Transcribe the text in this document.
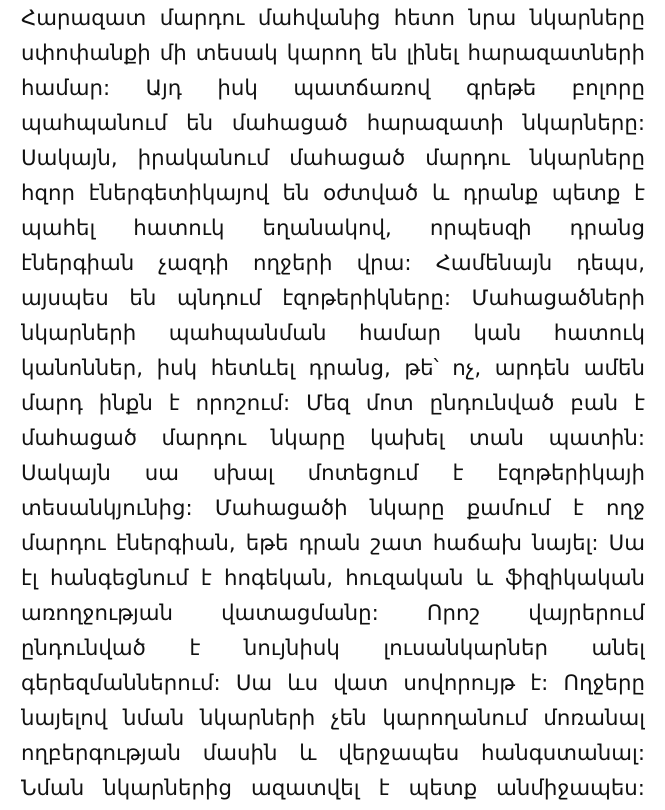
Հարազատ մարդու մահվանից հետո նրա նկարները
սփոփանքի մի տեսակ կարող են լինել հարազատների
համար: Այդ իսկ պատճառով գրեթե բոլորը
պահպանում են մահացած հարազատի նկարները:
Սակայն, իրականում մահացած մարդու նկարները
հզոր էներգետիկայով են օժտված և դրանք պետք է
պահել հատուկ եղանակով, որպեսզի դրանց
էներգիան չազդի ողջերի վրա: Համենայն դեպս,
այսպես են պնդում էզոթերիկները: Մահացածների
նկարների պահպանման համար կան հատուկ
կանոններ, իսկ հետևել դրանց, թե՝ ոչ, արդեն ամեն
մարդ ինքն է որոշում: Մեզ մոտ ընդունված բան է
մահացած մարդու նկարը կախել տան պատին:
Սակայն սա սխալ մոտեցում է էզոթերիկայի
տեսանկյունից: Մահացածի նկարը քամում է ողջ
մարդու էներգիան, եթե դրան շատ հաճախ նայել: Սա
էլ հանգեցնում է հոգեկան, հուզական և ֆիզիկական
առողջության վատացմանը: Որոշ վայրերում
ընդունված է նույնիսկ լուսանկարներ անել
գերեզմաններում: Սա ևս վատ սովորույթ է: Ողջերը
նայելով նման նկարների չեն կարողանում մոռանալ
ողբերգության մասին և վերջապես հանգստանալ:
Նման նկարներից ազատվել է պետք անմիջապես:
